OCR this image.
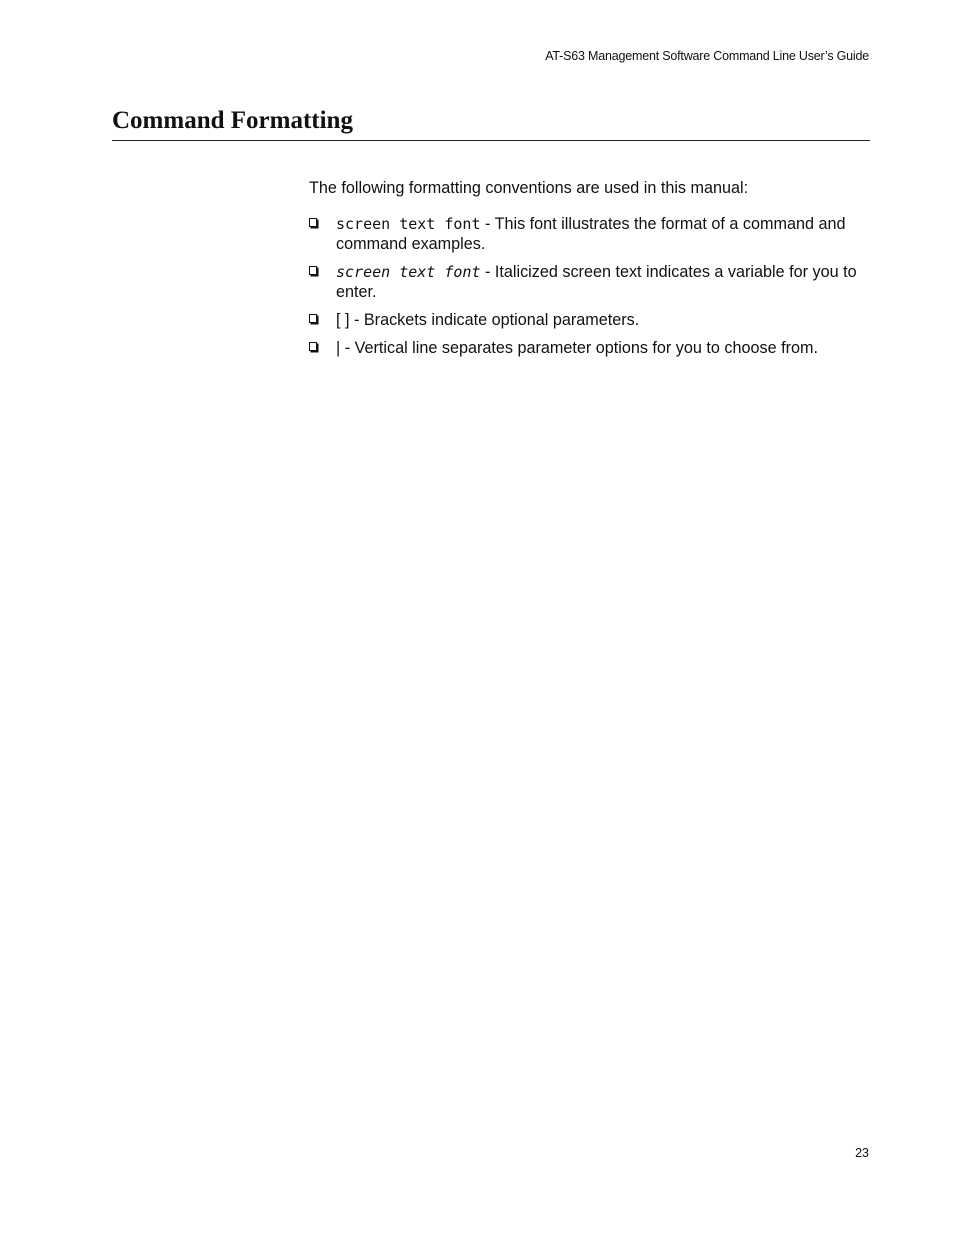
AT-S63 Management Software Command Line User’s Guide
Command Formatting

The following formatting conventions are used in this manual:

screen text font - This font illustrates the format of a command and command examples.
screen text font - Italicized screen text indicates a variable for you to enter.
[ ] - Brackets indicate optional parameters.
| - Vertical line separates parameter options for you to choose from.
23
